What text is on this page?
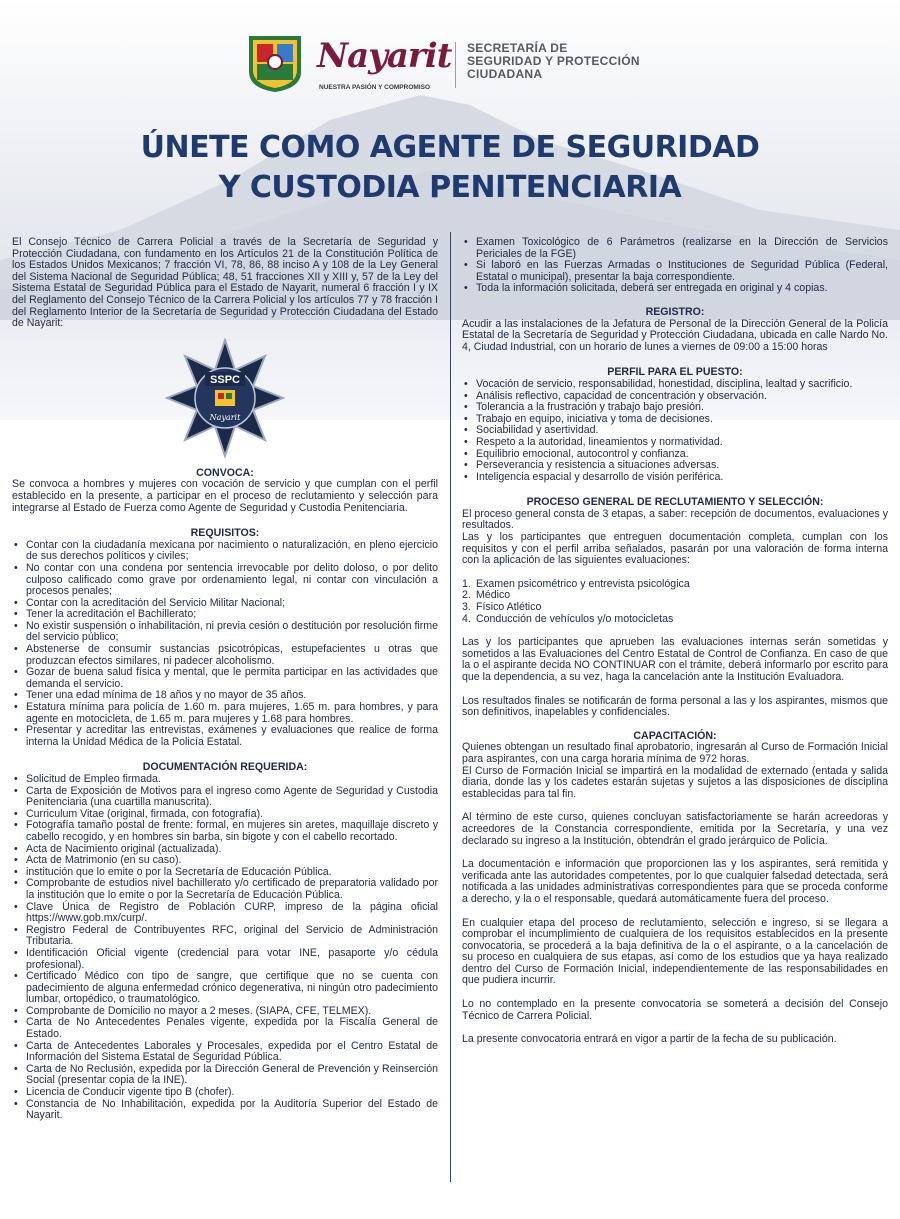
Nayarit
NUESTRA PASIÓN Y COMPROMISO
SECRETARÍA DE
SEGURIDAD Y PROTECCIÓN
CIUDADANA
ÚNETE COMO AGENTE DE SEGURIDAD
Y CUSTODIA PENITENCIARIA

El Consejo Técnico de Carrera Policial a través de la Secretaría de Seguridad y Protección Ciudadana, con fundamento en los Artículos 21 de la Constitución Política de los Estados Unidos Mexicanos; 7 fracción VI, 78, 86, 88 inciso A y 108 de la Ley General del Sistema Nacional de Seguridad Pública; 48, 51 fracciones XII y XIII y, 57 de la Ley del Sistema Estatal de Seguridad Pública para el Estado de Nayarit, numeral 6 fracción I y IX del Reglamento del Consejo Técnico de la Carrera Policial y los artículos 77 y 78 fracción I del Reglamento Interior de la Secretaría de Seguridad y Protección Ciudadana del Estado de Nayarit:

SSPC
Nayarit
CONVOCA:

Se convoca a hombres y mujeres con vocación de servicio y que cumplan con el perfil establecido en la presente, a participar en el proceso de reclutamiento y selección para integrarse al Estado de Fuerza como Agente de Seguridad y Custodia Penitenciaria.

REQUISITOS:
• Contar con la ciudadanía mexicana por nacimiento o naturalización, en pleno ejercicio de sus derechos políticos y civiles;
• No contar con una condena por sentencia irrevocable por delito doloso, o por delito culposo calificado como grave por ordenamiento legal, ni contar con vinculación a procesos penales;
• Contar con la acreditación del Servicio Militar Nacional;
• Tener la acreditación el Bachillerato;
• No existir suspensión o inhabilitación, ni previa cesión o destitución por resolución firme del servicio público;
• Abstenerse de consumir sustancias psicotrópicas, estupefacientes u otras que produzcan efectos similares, ni padecer alcoholismo.
• Gozar de buena salud física y mental, que le permita participar en las actividades que demanda el servicio.
• Tener una edad mínima de 18 años y no mayor de 35 años.
• Estatura mínima para policía de 1.60 m. para mujeres, 1.65 m. para hombres, y para agente en motocicleta, de 1.65 m. para mujeres y 1.68 para hombres.
• Presentar y acreditar las entrevistas, exámenes y evaluaciones que realice de forma interna la Unidad Médica de la Policía Estatal.
DOCUMENTACIÓN REQUERIDA:
• Solicitud de Empleo firmada.
• Carta de Exposición de Motivos para el ingreso como Agente de Seguridad y Custodia Penitenciaria (una cuartilla manuscrita).
• Curriculum Vitae (original, firmada, con fotografía).
• Fotografía tamaño postal de frente: formal, en mujeres sin aretes, maquillaje discreto y cabello recogido, y en hombres sin barba, sin bigote y con el cabello recortado.
• Acta de Nacimiento original (actualizada).
• Acta de Matrimonio (en su caso).
• institución que lo emite o por la Secretaría de Educación Pública.
• Comprobante de estudios nivel bachillerato y/o certificado de preparatoria validado por la institución que lo emite o por la Secretaría de Educación Pública.
• Clave Única de Registro de Población CURP, impreso de la página oficial https://www.gob.mx/curp/.
• Registro Federal de Contribuyentes RFC, original del Servicio de Administración Tributaria.
• Identificación Oficial vigente (credencial para votar INE, pasaporte y/o cédula profesional).
• Certificado Médico con tipo de sangre, que certifique que no se cuenta con padecimiento de alguna enfermedad crónico degenerativa, ni ningún otro padecimiento lumbar, ortopédico, o traumatológico.
• Comprobante de Domicilio no mayor a 2 meses. (SIAPA, CFE, TELMEX).
• Carta de No Antecedentes Penales vigente, expedida por la Fiscalía General de Estado.
• Carta de Antecedentes Laborales y Procesales, expedida por el Centro Estatal de Información del Sistema Estatal de Seguridad Pública.
• Carta de No Reclusión, expedida por la Dirección General de Prevención y Reinserción Social (presentar copia de la INE).
• Licencia de Conducir vigente tipo B (chofer).
• Constancia de No Inhabilitación, expedida por la Auditoría Superior del Estado de Nayarit.
• Examen Toxicológico de 6 Parámetros (realizarse en la Dirección de Servicios Periciales de la FGE)
• Si laboró en las Fuerzas Armadas o Instituciones de Seguridad Pública (Federal, Estatal o municipal), presentar la baja correspondiente.
• Toda la información solicitada, deberá ser entregada en original y 4 copias.
REGISTRO:

Acudir a las instalaciones de la Jefatura de Personal de la Dirección General de la Policía Estatal de la Secretaría de Seguridad y Protección Ciudadana, ubicada en calle Nardo No. 4, Ciudad Industrial, con un horario de lunes a viernes de 09:00 a 15:00 horas

PERFIL PARA EL PUESTO:
• Vocación de servicio, responsabilidad, honestidad, disciplina, lealtad y sacrificio.
• Análisis reflectivo, capacidad de concentración y observación.
• Tolerancia a la frustración y trabajo bajo presión.
• Trabajo en equipo, iniciativa y toma de decisiones.
• Sociabilidad y asertividad.
• Respeto a la autoridad, lineamientos y normatividad.
• Equilibrio emocional, autocontrol y confianza.
• Perseverancia y resistencia a situaciones adversas.
• Inteligencia espacial y desarrollo de visión periférica.
PROCESO GENERAL DE RECLUTAMIENTO Y SELECCIÓN:

El proceso general consta de 3 etapas, a saber: recepción de documentos, evaluaciones y resultados.

Las y los participantes que entreguen documentación completa, cumplan con los requisitos y con el perfil arriba señalados, pasarán por una valoración de forma interna con la aplicación de las siguientes evaluaciones:

1. Examen psicométrico y entrevista psicológica
2. Médico
3. Físico Atlético
4. Conducción de vehículos y/o motocicletas

Las y los participantes que aprueben las evaluaciones internas serán sometidas y sometidos a las Evaluaciones del Centro Estatal de Control de Confianza. En caso de que la o el aspirante decida NO CONTINUAR con el trámite, deberá informarlo por escrito para que la dependencia, a su vez, haga la cancelación ante la Institución Evaluadora.

Los resultados finales se notificarán de forma personal a las y los aspirantes, mismos que son definitivos, inapelables y confidenciales.

CAPACITACIÓN:

Quienes obtengan un resultado final aprobatorio, ingresarán al Curso de Formación Inicial para aspirantes, con una carga horaria mínima de 972 horas.

El Curso de Formación Inicial se impartirá en la modalidad de externado (entada y salida diaria, donde las y los cadetes estarán sujetas y sujetos a las disposiciones de disciplina establecidas para tal fin.

Al término de este curso, quienes concluyan satisfactoriamente se harán acreedoras y acreedores de la Constancia correspondiente, emitida por la Secretaría, y una vez declarado su ingreso a la Institución, obtendrán el grado jerárquico de Policía.

La documentación e información que proporcionen las y los aspirantes, será remitida y verificada ante las autoridades competentes, por lo que cualquier falsedad detectada, será notificada a las unidades administrativas correspondientes para que se proceda conforme a derecho, y la o el responsable, quedará automáticamente fuera del proceso.

En cualquier etapa del proceso de reclutamiento, selección e ingreso, si se llegara a comprobar el incumplimiento de cualquiera de los requisitos establecidos en la presente convocatoria, se procederá a la baja definitiva de la o el aspirante, o a la cancelación de su proceso en cualquiera de sus etapas, así como de los estudios que ya haya realizado dentro del Curso de Formación Inicial, independientemente de las responsabilidades en que pudiera incurrir.

Lo no contemplado en la presente convocatoria se someterá a decisión del Consejo Técnico de Carrera Policial.

La presente convocatoria entrará en vigor a partir de la fecha de su publicación.
